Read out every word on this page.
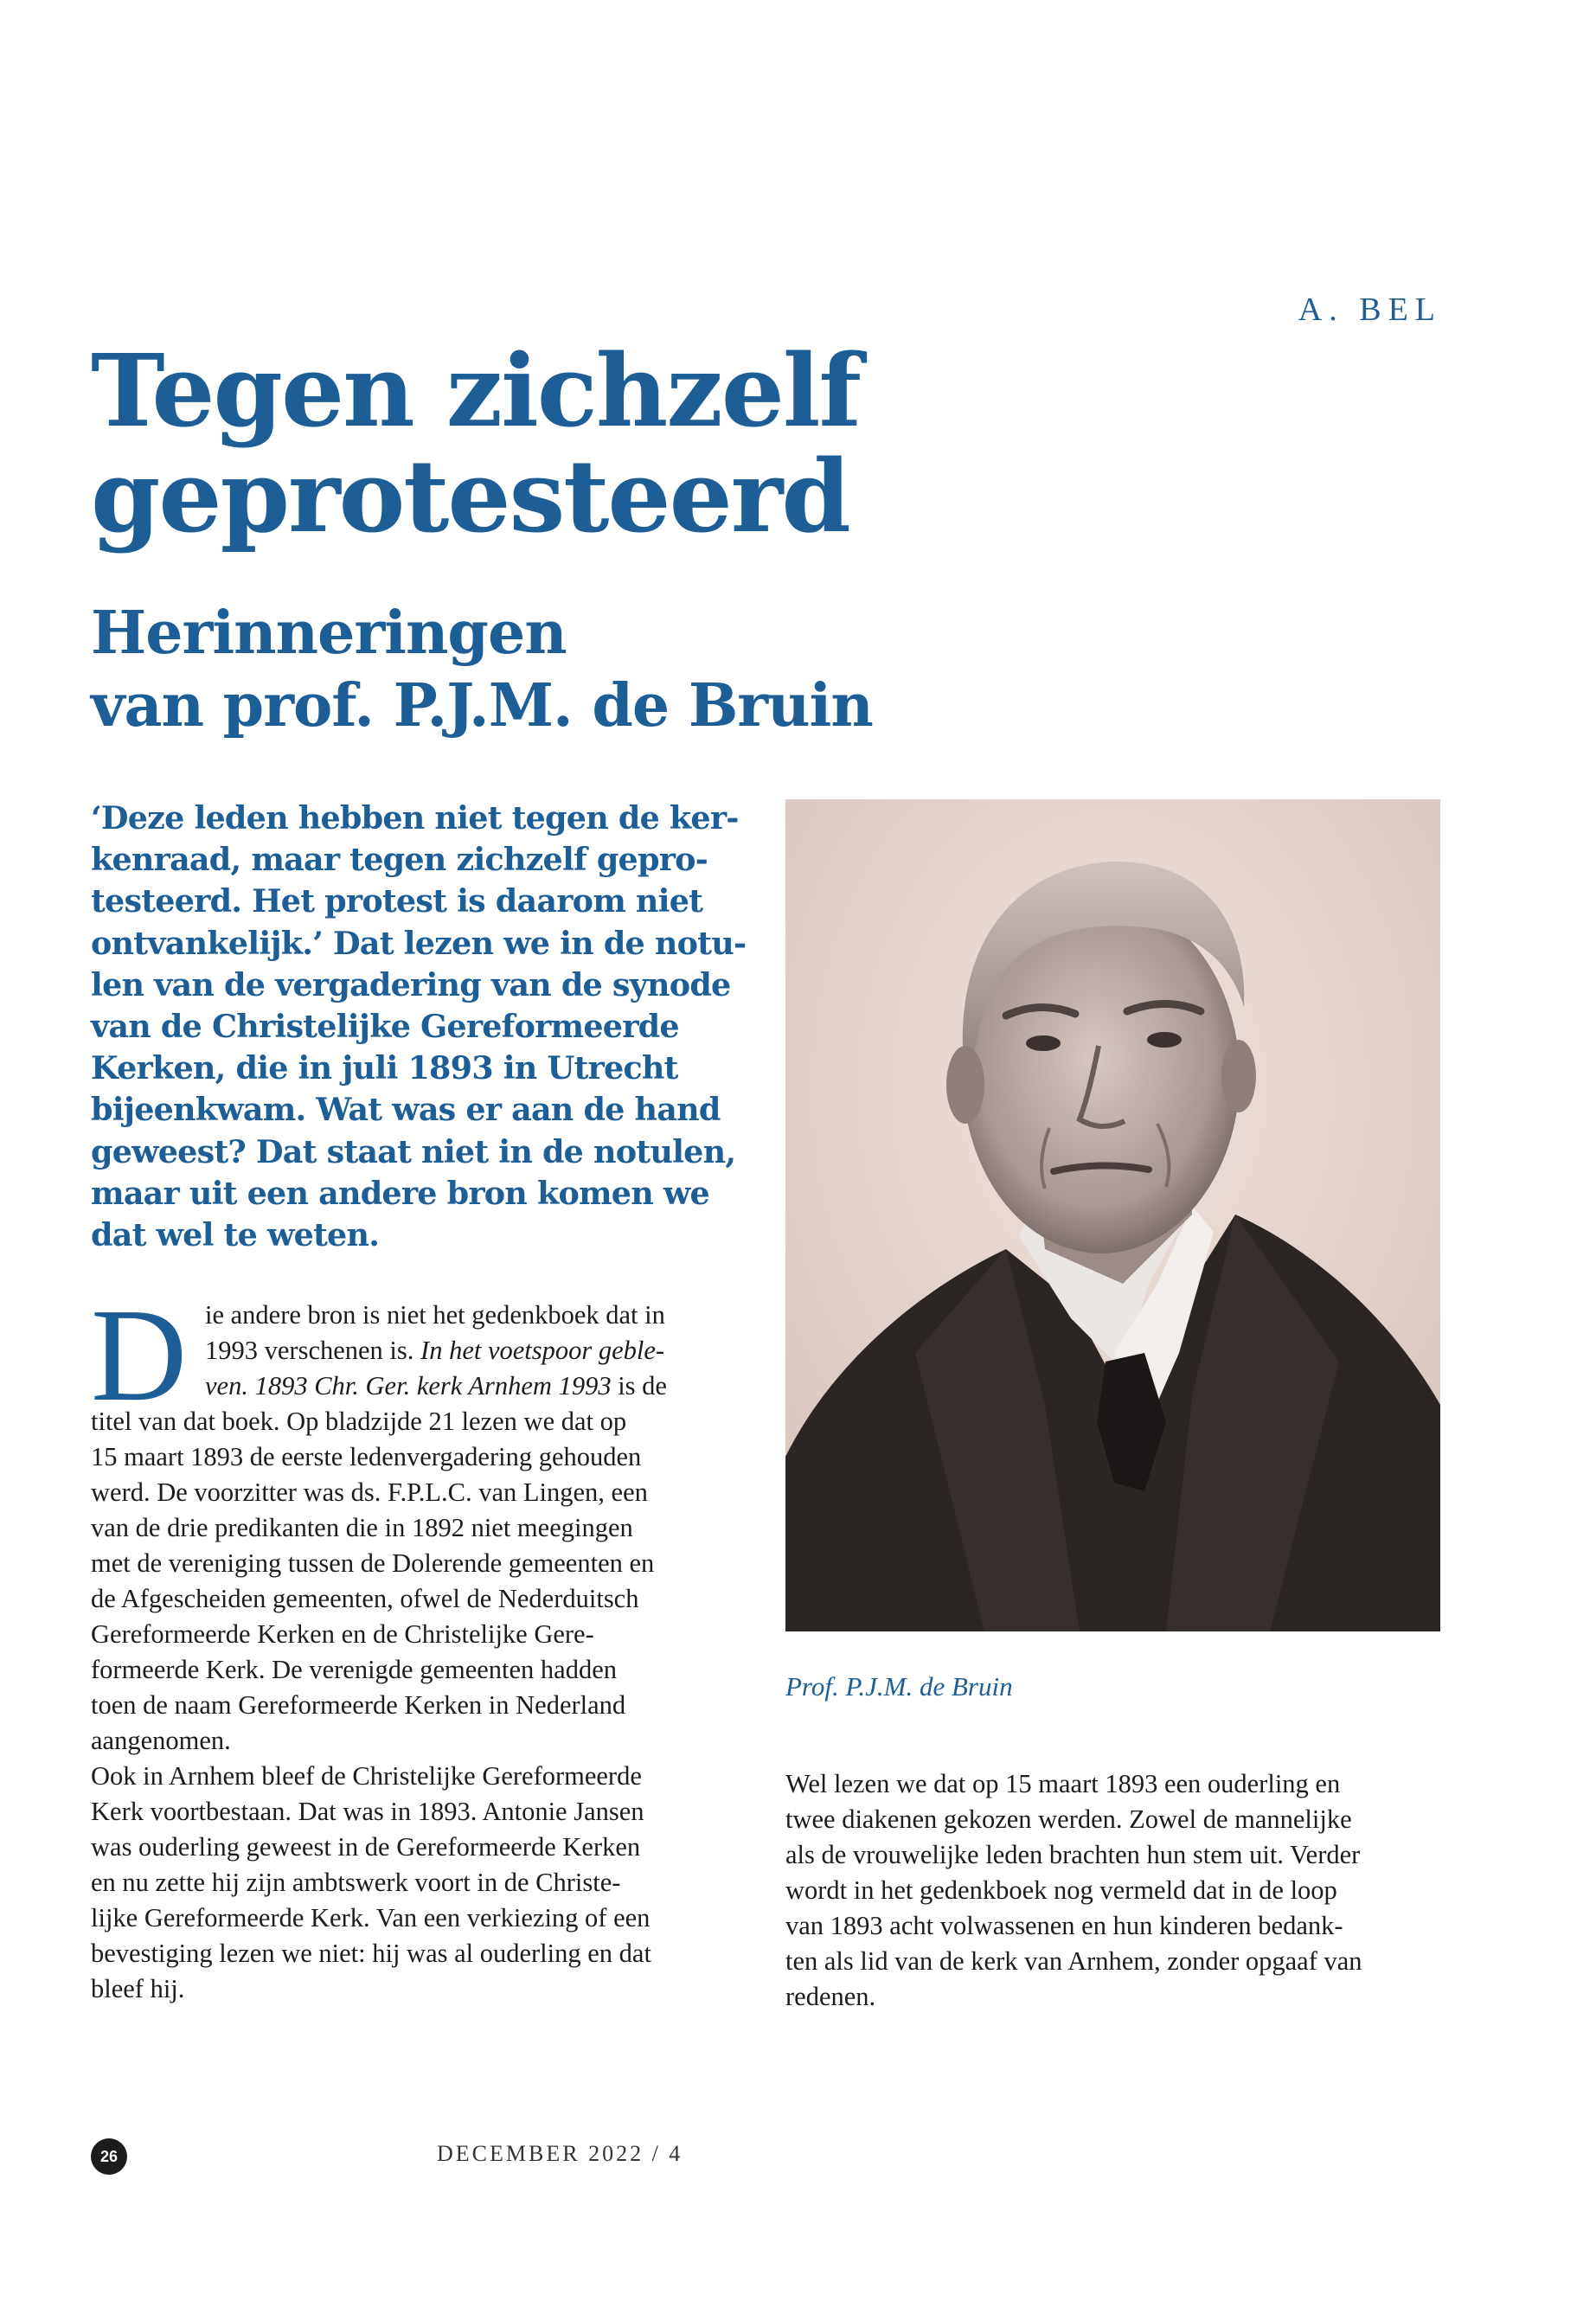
A. BEL
Tegen zichzelf
geprotesteerd
Herinneringen
van prof. P.J.M. de Bruin

‘Deze leden hebben niet tegen de ker-
kenraad, maar tegen zichzelf gepro-
testeerd. Het protest is daarom niet
ontvankelijk.’ Dat lezen we in de notu-
len van de vergadering van de synode
van de Christelijke Gereformeerde
Kerken, die in juli 1893 in Utrecht
bijeenkwam. Wat was er aan de hand
geweest? Dat staat niet in de notulen,
maar uit een andere bron komen we
dat wel te weten.

Prof. P.J.M. de Bruin
D ie andere bron is niet het gedenkboek dat in
1993 verschenen is. In het voetspoor geble-
ven. 1893 Chr. Ger. kerk Arnhem 1993 is de
titel van dat boek. Op bladzijde 21 lezen we dat op
15 maart 1893 de eerste ledenvergadering gehouden
werd. De voorzitter was ds. F.P.L.C. van Lingen, een
van de drie predikanten die in 1892 niet meegingen
met de vereniging tussen de Dolerende gemeenten en
de Afgescheiden gemeenten, ofwel de Nederduitsch
Gereformeerde Kerken en de Christelijke Gere-
formeerde Kerk. De verenigde gemeenten hadden
toen de naam Gereformeerde Kerken in Nederland
aangenomen.

Ook in Arnhem bleef de Christelijke Gereformeerde
Kerk voortbestaan. Dat was in 1893. Antonie Jansen
was ouderling geweest in de Gereformeerde Kerken
en nu zette hij zijn ambtswerk voort in de Christe-
lijke Gereformeerde Kerk. Van een verkiezing of een
bevestiging lezen we niet: hij was al ouderling en dat
bleef hij.

Wel lezen we dat op 15 maart 1893 een ouderling en
twee diakenen gekozen werden. Zowel de mannelijke
als de vrouwelijke leden brachten hun stem uit. Verder
wordt in het gedenkboek nog vermeld dat in de loop
van 1893 acht volwassenen en hun kinderen bedank-
ten als lid van de kerk van Arnhem, zonder opgaaf van
redenen.

26	DECEMBER 2022 / 4
